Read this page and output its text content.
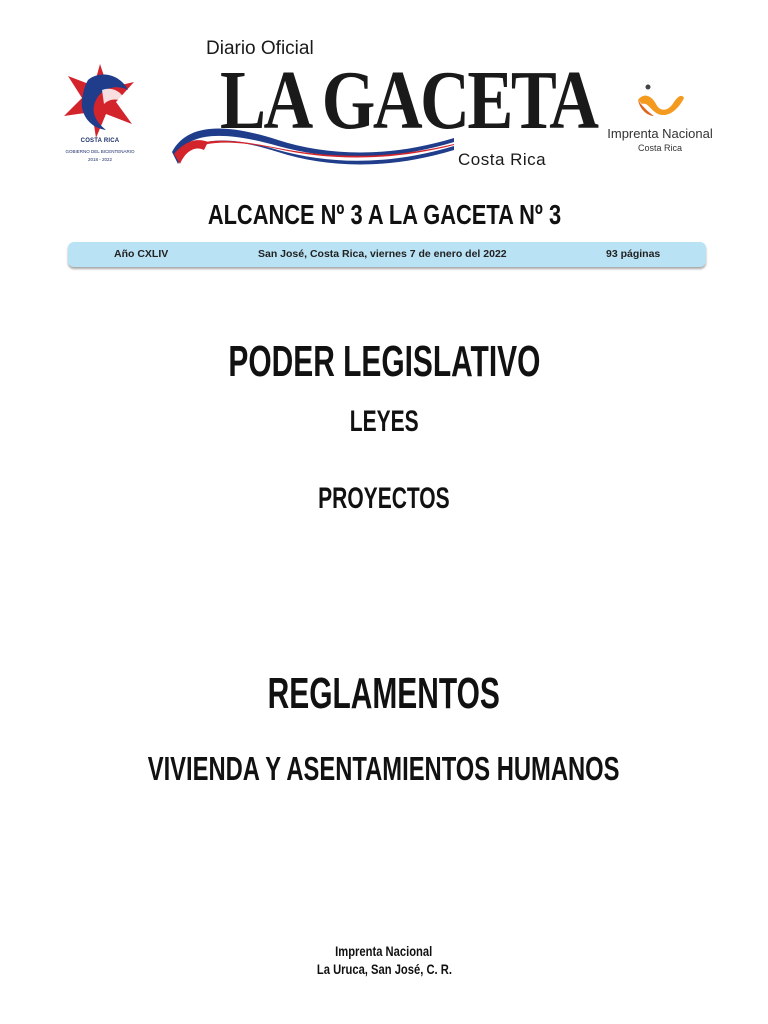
COSTA RICA
GOBIERNO DEL BICENTENARIO
2018 - 2022
Diario Oficial
LA GACETA
Costa Rica
Imprenta Nacional
Costa Rica
ALCANCE Nº 3 A LA GACETA Nº 3
Año CXLIV	San José, Costa Rica, viernes 7 de enero del 2022	93 páginas
PODER LEGISLATIVO
LEYES
PROYECTOS
REGLAMENTOS
VIVIENDA Y ASENTAMIENTOS HUMANOS
Imprenta Nacional
La Uruca, San José, C. R.
